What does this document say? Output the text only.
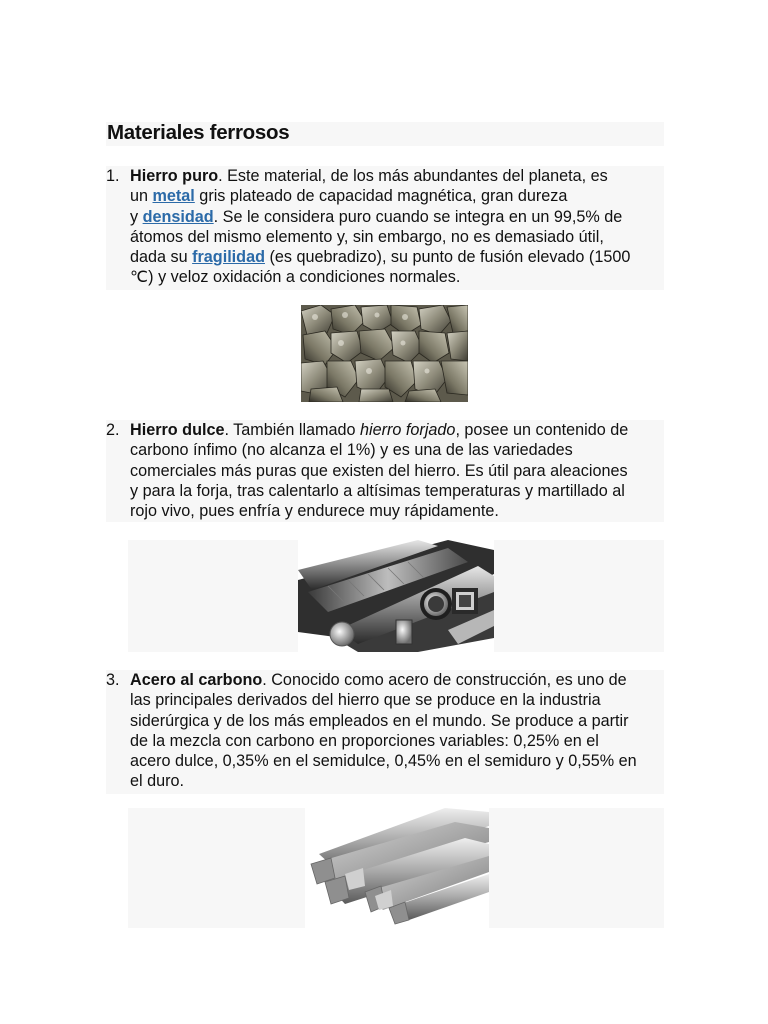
Materiales ferrosos
1. Hierro puro. Este material, de los más abundantes del planeta, es
un metal gris plateado de capacidad magnética, gran dureza
y densidad. Se le considera puro cuando se integra en un 99,5% de
átomos del mismo elemento y, sin embargo, no es demasiado útil,
dada su fragilidad (es quebradizo), su punto de fusión elevado (1500
℃) y veloz oxidación a condiciones normales.
2. Hierro dulce. También llamado hierro forjado, posee un contenido de
carbono ínfimo (no alcanza el 1%) y es una de las variedades
comerciales más puras que existen del hierro. Es útil para aleaciones
y para la forja, tras calentarlo a altísimas temperaturas y martillado al
rojo vivo, pues enfría y endurece muy rápidamente.
3. Acero al carbono. Conocido como acero de construcción, es uno de
las principales derivados del hierro que se produce en la industria
siderúrgica y de los más empleados en el mundo. Se produce a partir
de la mezcla con carbono en proporciones variables: 0,25% en el
acero dulce, 0,35% en el semidulce, 0,45% en el semiduro y 0,55% en
el duro.
